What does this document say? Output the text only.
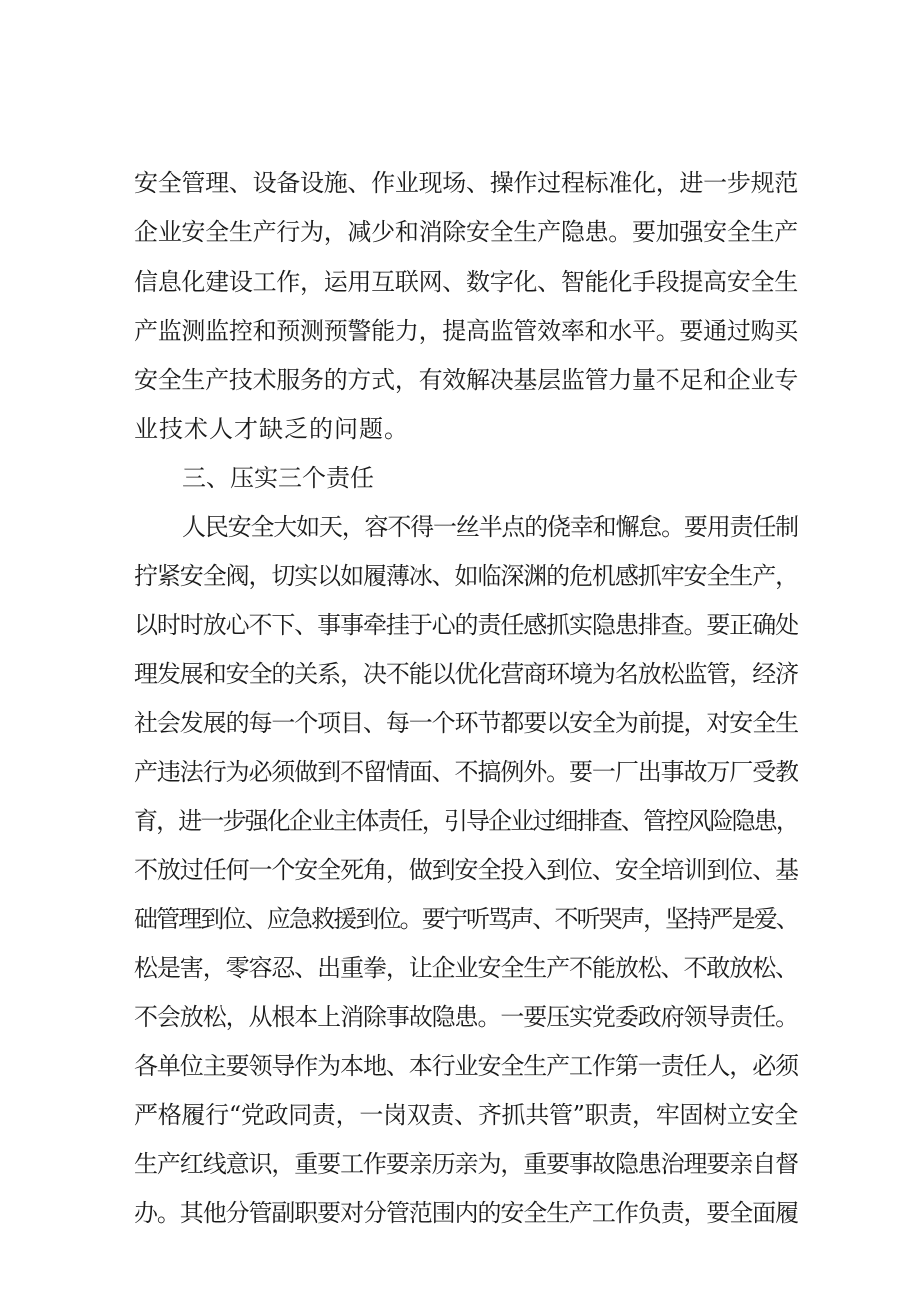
安全管理、设备设施、作业现场、操作过程标准化，进一步规范
企业安全生产行为，减少和消除安全生产隐患。要加强安全生产
信息化建设工作，运用互联网、数字化、智能化手段提高安全生
产监测监控和预测预警能力，提高监管效率和水平。要通过购买
安全生产技术服务的方式，有效解决基层监管力量不足和企业专
业技术人才缺乏的问题。
三、压实三个责任
人民安全大如天，容不得一丝半点的侥幸和懈怠。要用责任制
拧紧安全阀，切实以如履薄冰、如临深渊的危机感抓牢安全生产，
以时时放心不下、事事牵挂于心的责任感抓实隐患排查。要正确处
理发展和安全的关系，决不能以优化营商环境为名放松监管，经济
社会发展的每一个项目、每一个环节都要以安全为前提，对安全生
产违法行为必须做到不留情面、不搞例外。要一厂出事故万厂受教
育，进一步强化企业主体责任，引导企业过细排查、管控风险隐患，
不放过任何一个安全死角，做到安全投入到位、安全培训到位、基
础管理到位、应急救援到位。要宁听骂声、不听哭声，坚持严是爱、
松是害，零容忍、出重拳，让企业安全生产不能放松、不敢放松、
不会放松，从根本上消除事故隐患。一要压实党委政府领导责任。
各单位主要领导作为本地、本行业安全生产工作第一责任人，必须
严格履行“党政同责，一岗双责、齐抓共管”职责，牢固树立安全
生产红线意识，重要工作要亲历亲为，重要事故隐患治理要亲自督
办。其他分管副职要对分管范围内的安全生产工作负责，要全面履
